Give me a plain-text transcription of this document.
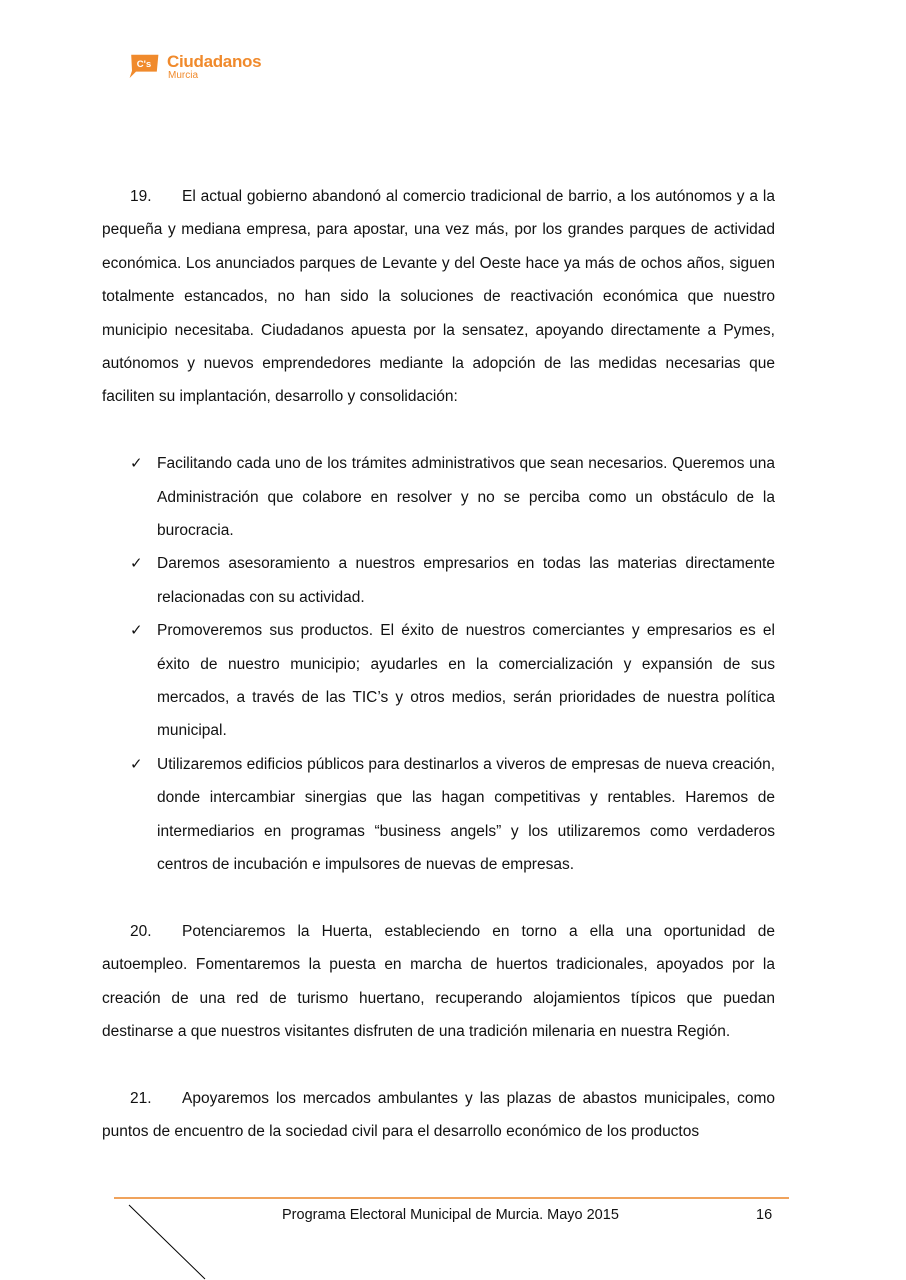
C's Ciudadanos
Murcia

19. El actual gobierno abandonó al comercio tradicional de barrio, a los autónomos y a la pequeña y mediana empresa, para apostar, una vez más, por los grandes parques de actividad económica. Los anunciados parques de Levante y del Oeste hace ya más de ochos años, siguen totalmente estancados, no han sido la soluciones de reactivación económica que nuestro municipio necesitaba. Ciudadanos apuesta por la sensatez, apoyando directamente a Pymes, autónomos y nuevos emprendedores mediante la adopción de las medidas necesarias que faciliten su implantación, desarrollo y consolidación:

✓ Facilitando cada uno de los trámites administrativos que sean necesarios. Queremos una Administración que colabore en resolver y no se perciba como un obstáculo de la burocracia.
✓ Daremos asesoramiento a nuestros empresarios en todas las materias directamente relacionadas con su actividad.
✓ Promoveremos sus productos. El éxito de nuestros comerciantes y empresarios es el éxito de nuestro municipio; ayudarles en la comercialización y expansión de sus mercados, a través de las TIC’s y otros medios, serán prioridades de nuestra política municipal.
✓ Utilizaremos edificios públicos para destinarlos a viveros de empresas de nueva creación, donde intercambiar sinergias que las hagan competitivas y rentables. Haremos de intermediarios en programas “business angels” y los utilizaremos como verdaderos centros de incubación e impulsores de nuevas de empresas.

20. Potenciaremos la Huerta, estableciendo en torno a ella una oportunidad de autoempleo. Fomentaremos la puesta en marcha de huertos tradicionales, apoyados por la creación de una red de turismo huertano, recuperando alojamientos típicos que puedan destinarse a que nuestros visitantes disfruten de una tradición milenaria en nuestra Región.

21. Apoyaremos los mercados ambulantes y las plazas de abastos municipales, como puntos de encuentro de la sociedad civil para el desarrollo económico de los productos

Programa Electoral Municipal de Murcia. Mayo 2015	16
